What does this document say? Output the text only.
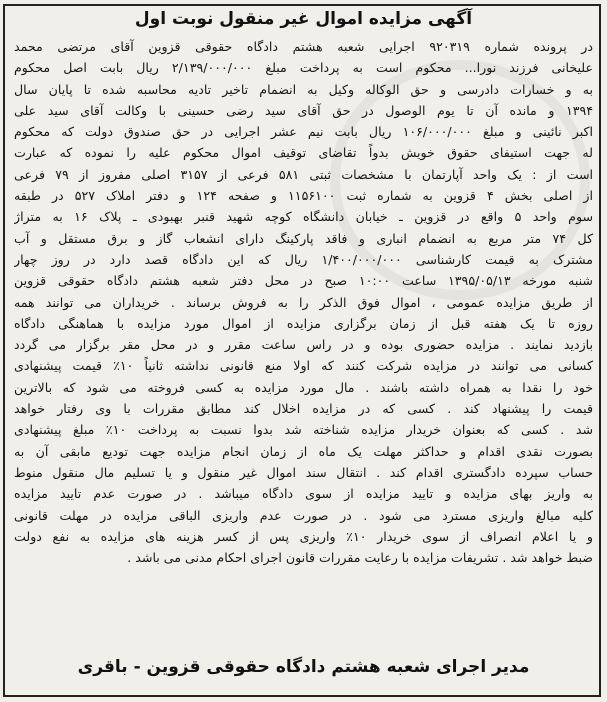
آگهی مزایده اموال غیر منقول نوبت اول
در پرونده شماره ۹۲۰۳۱۹ اجرایی شعبه هشتم دادگاه حقوقی قزوین آقای مرتضی محمد
علیخانی فرزند نورا... محکوم است به پرداخت مبلغ ۲/۱۳۹/۰۰۰/۰۰۰ ریال بابت اصل محکوم
به و خسارات دادرسی و حق الوکاله وکیل به انضمام تاخیر تادیه محاسبه شده تا پایان سال
۱۳۹۴ و مانده آن تا یوم الوصول در حق آقای سید رضی حسینی با وکالت آقای سید علی
اکبر نائینی و مبلغ ۱۰۶/۰۰۰/۰۰۰ ریال بابت نیم عشر اجرایی در حق صندوق دولت که محکوم
له جهت استیفای حقوق خویش بدواً تقاضای توقیف اموال محکوم علیه را نموده که عبارت
است از : یک واحد آپارتمان با مشخصات ثبتی ۵۸۱ فرعی از ۳۱۵۷ اصلی مفروز از ۷۹ فرعی
از اصلی بخش ۴ قزوین به شماره ثبت ۱۱۵۶۱۰۰ و صفحه ۱۲۴ و دفتر املاک ۵۲۷ در طبقه
سوم واحد ۵ واقع در قزوین ـ خیابان دانشگاه کوچه شهید قنبر بهبودی ـ پلاک ۱۶ به متراژ
کل ۷۴ متر مربع به انضمام انباری و فاقد پارکینگ دارای انشعاب گاز و برق مستقل و آب
مشترک به قیمت کارشناسی ۱/۴۰۰/۰۰۰/۰۰۰ ریال که این دادگاه قصد دارد در روز چهار
شنبه مورخه ۱۳۹۵/۰۵/۱۳ ساعت ۱۰:۰۰ صبح در محل دفتر شعبه هشتم دادگاه حقوقی قزوین
از طریق مزایده عمومی ، اموال فوق الذکر را به فروش برساند . خریداران می توانند همه
روزه تا یک هفته قبل از زمان برگزاری مزایده از اموال مورد مزایده با هماهنگی دادگاه
بازدید نمایند . مزایده حضوری بوده و در راس ساعت مقرر و در محل مقر برگزار می گردد
کسانی می توانند در مزایده شرکت کنند که اولا منع قانونی نداشته ثانیاً ۱۰٪ قیمت پیشنهادی
خود را نقدا به همراه داشته باشند . مال مورد مزایده به کسی فروخته می شود که بالاترین
قیمت را پیشنهاد کند . کسی که در مزایده اخلال کند مطابق مقررات با وی رفتار خواهد
شد . کسی که بعنوان خریدار مزایده شناخته شد بدوا نسبت به پرداخت ۱۰٪ مبلغ پیشنهادی
بصورت نقدی اقدام و حداکثر مهلت یک ماه از زمان انجام مزایده جهت تودیع مابقی آن به
حساب سپرده دادگستری اقدام کند . انتقال سند اموال غیر منقول و یا تسلیم مال منقول منوط
به واریز بهای مزایده و تایید مزایده از سوی دادگاه میباشد . در صورت عدم تایید مزایده
کلیه مبالغ واریزی مسترد می شود . در صورت عدم واریزی الباقی مزایده در مهلت قانونی
و یا اعلام انصراف از سوی خریدار ۱۰٪ واریزی پس از کسر هزینه های مزایده به نفع دولت
ضبط خواهد شد . تشریفات مزایده با رعایت مقررات قانون اجرای احکام مدنی می باشد .
مدیر اجرای شعبه هشتم دادگاه حقوقی قزوین - باقری
